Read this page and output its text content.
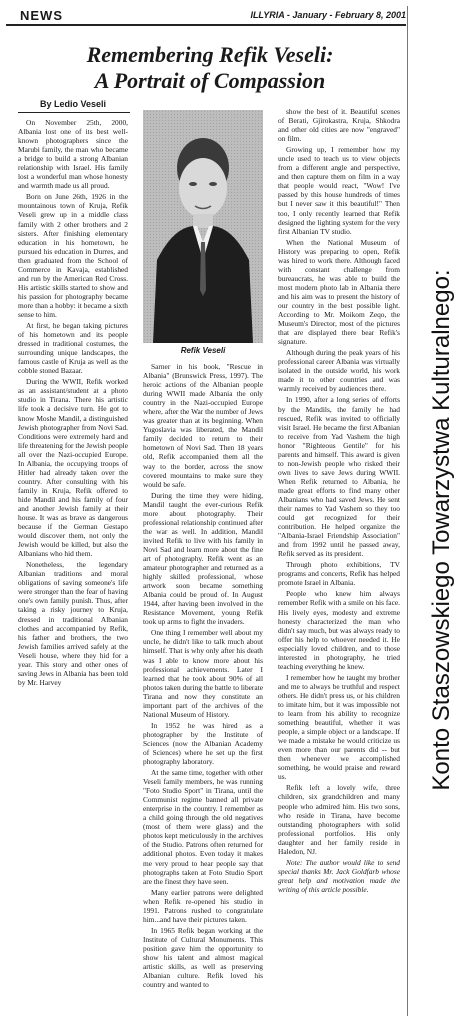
NEWS	ILLYRIA - January - February 8, 2001
Remembering Refik Veseli:
A Portrait of Compassion
By Ledio Veseli

On November 25th, 2000, Albania lost one of its best well-known photographers since the Marubi family, the man who became a bridge to build a strong Albanian relationship with Israel. His family lost a wonderful man whose honesty and warmth made us all proud.

Born on June 26th, 1926 in the mountainous town of Kruja, Refik Veseli grew up in a middle class family with 2 other brothers and 2 sisters. After finishing elementary education in his hometown, he pursued his education in Durres, and then graduated from the School of Commerce in Kavaja, established and run by the American Red Cross. His artistic skills started to show and his passion for photography became more than a hobby: it became a sixth sense to him.

At first, he began taking pictures of his hometown and its people dressed in traditional costumes, the surrounding unique landscapes, the famous castle of Kruja as well as the cobble stoned Bazaar.

During the WWII, Refik worked as an assistant/student at a photo studio in Tirana. There his artistic life took a decisive turn. He got to know Moshe Mandil, a distinguished Jewish photographer from Novi Sad. Conditions were extremely hard and life threatening for the Jewish people all over the Nazi-occupied Europe. In Albania, the occupying troops of Hitler had already taken over the country. After consulting with his family in Kruja, Refik offered to hide Mandil and his family of four and another Jewish family at their house. It was as brave as dangerous because if the German Gestapo would discover them, not only the Jewish would be killed, but also the Albanians who hid them.

Nonetheless, the legendary Albanian traditions and moral obligations of saving someone's life were stronger than the fear of having one's own family punish. Thus, after taking a risky journey to Kruja, dressed in traditional Albanian clothes and accompanied by Refik, his father and brothers, the two Jewish families arrived safely at the Veseli house, where they hid for a year. This story and other ones of saving Jews in Albania has been told by Mr. Harvey

Refik Veseli

Sarner in his book, "Rescue in Albania" (Brunswick Press, 1997). The heroic actions of the Albanian people during WWII made Albania the only country in the Nazi-occupied Europe where, after the War the number of Jews was greater than at its beginning. When Yugoslavia was liberated, the Mandil family decided to return to their hometown of Novi Sad. Then 18 years old, Refik accompanied them all the way to the border, across the snow covered mountains to make sure they would be safe.

During the time they were hiding, Mandil taught the ever-curious Refik more about photography. Their professional relationship continued after the war as well. In addition, Mandil invited Refik to live with his family in Novi Sad and learn more about the fine art of photography. Refik went as an amateur photographer and returned as a highly skilled professional, whose artwork soon became something Albania could be proud of. In August 1944, after having been involved in the Resistance Movement, young Refik took up arms to fight the invaders.

One thing I remember well about my uncle, he didn't like to talk much about himself. That is why only after his death was I able to know more about his professional achievements. Later I learned that he took about 90% of all photos taken during the battle to liberate Tirana and now they constitute an important part of the archives of the National Museum of History.

In 1952 he was hired as a photographer by the Institute of Sciences (now the Albanian Academy of Sciences) where he set up the first photography laboratory.

At the same time, together with other Veseli family members, he was running "Foto Studio Sport" in Tirana, until the Communist regime banned all private enterprise in the country. I remember as a child going through the old negatives (most of them were glass) and the photos kept meticulously in the archives of the Studio. Patrons often returned for additional photos. Even today it makes me very proud to hear people say that photographs taken at Foto Studio Sport are the finest they have seen.

Many earlier patrons were delighted when Refik re-opened his studio in 1991. Patrons rushed to congratulate him...and have their pictures taken.

In 1965 Refik began working at the Institute of Cultural Monuments. This position gave him the opportunity to show his talent and almost magical artistic skills, as well as preserving Albanian culture. Refik loved his country and wanted to

show the best of it. Beautiful scenes of Berati, Gjirokastra, Kruja, Shkodra and other old cities are now "engraved" on film.

Growing up, I remember how my uncle used to teach us to view objects from a different angle and perspective, and then capture them on film in a way that people would react, "Wow! I've passed by this house hundreds of times but I never saw it this beautiful!" Then too, I only recently learned that Refik designed the lighting system for the very first Albanian TV studio.

When the National Museum of History was preparing to open, Refik was hired to work there. Although faced with constant challenge from bureaucrats, he was able to build the most modern photo lab in Albania there and his aim was to present the history of our country in the best possible light. According to Mr. Moikom Zeqo, the Museum's Director, most of the pictures that are displayed there bear Refik's signature.

Although during the peak years of his professional career Albania was virtually isolated in the outside world, his work made it to other countries and was warmly received by audiences there.

In 1990, after a long series of efforts by the Mandils, the family he had rescued, Refik was invited to officially visit Israel. He became the first Albanian to receive from Yad Vashem the high honor "Righteous Gentile" for his parents and himself. This award is given to non-Jewish people who risked their own lives to save Jews during WWII. When Refik returned to Albania, he made great efforts to find many other Albanians who had saved Jews. He sent their names to Yad Vashem so they too could get recognized for their contribution. He helped organize the "Albania-Israel Friendship Association" and from 1992 until he passed away, Refik served as its president.

Through photo exhibitions, TV programs and concerts, Refik has helped promote Israel in Albania.

People who knew him always remember Refik with a smile on his face. His lively eyes, modesty and extreme honesty characterized the man who didn't say much, but was always ready to offer his help to whoever needed it. He especially loved children, and to those interested in photography, he tried teaching everything he knew.

I remember how he taught my brother and me to always be truthful and respect others. He didn't press us, or his children to imitate him, but it was impossible not to learn from his ability to recognize something beautiful, whether it was people, a simple object or a landscape. If we made a mistake he would criticize us even more than our parents did -- but then whenever we accomplished something, he would praise and reward us.

Refik left a lovely wife, three children, six grandchildren and many people who admired him. His two sons, who reside in Tirana, have become outstanding photographers with solid professional portfolios. His only daughter and her family reside in Haledon, NJ.

Note: The author would like to send special thanks Mr. Jack Goldfarb whose great help and motivation made the writing of this article possible.

Konto Staszowskiego Towarzystwa Kulturalnego:
